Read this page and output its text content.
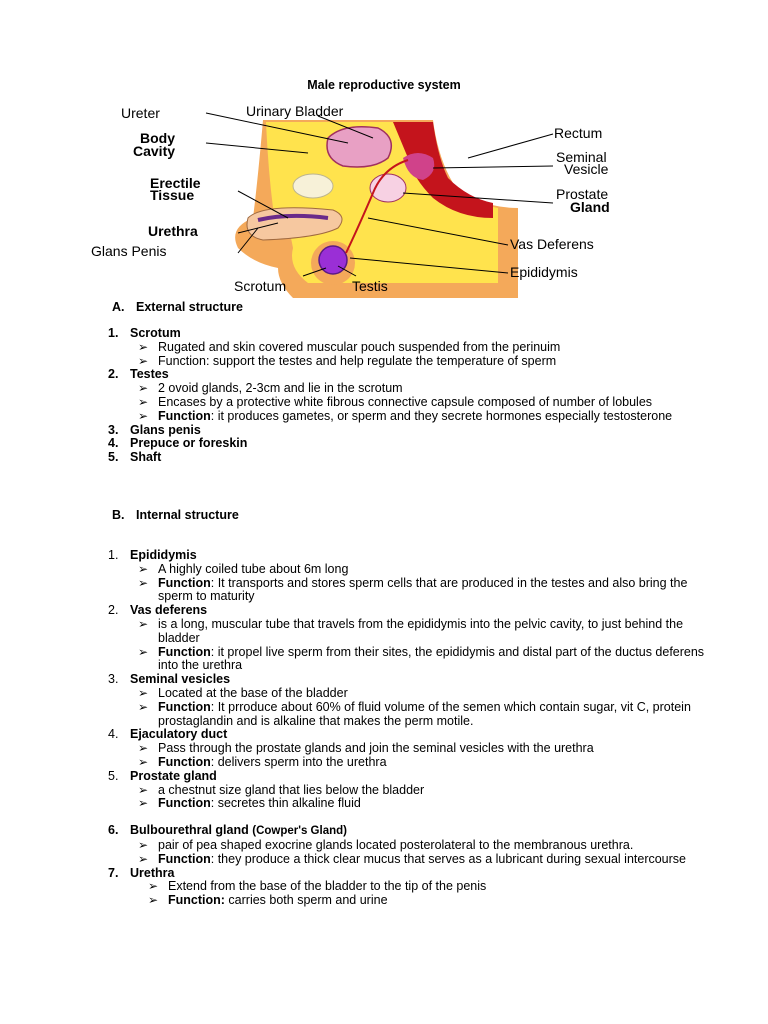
Male reproductive system
Ureter	Urinary Bladder
Body
Cavity
Erectile
Tissue
Urethra
Glans Penis
Scrotum	Testis
Rectum
Seminal
Vesicle
Prostate
Gland
Vas Deferens
Epididymis
A. External structure
1. Scrotum
➢ Rugated and skin covered muscular pouch suspended from the perinuim
➢ Function: support the testes and help regulate the temperature of sperm
2. Testes
➢ 2 ovoid glands, 2-3cm and lie in the scrotum
➢ Encases by a protective white fibrous connective capsule composed of number of lobules
➢ Function: it produces gametes, or sperm and they secrete hormones especially testosterone
3. Glans penis
4. Prepuce or foreskin
5. Shaft
B. Internal structure
1. Epididymis
➢ A highly coiled tube about 6m long
➢ Function: It transports and stores sperm cells that are produced in the testes and also bring the sperm to maturity
2. Vas deferens
➢ is a long, muscular tube that travels from the epididymis into the pelvic cavity, to just behind the bladder
➢ Function: it propel live sperm from their sites, the epididymis and distal part of the ductus deferens into the urethra
3. Seminal vesicles
➢ Located at the base of the bladder
➢ Function: It prroduce about 60% of fluid volume of the semen which contain sugar, vit C, protein prostaglandin and is alkaline that makes the perm motile.
4. Ejaculatory duct
➢ Pass through the prostate glands and join the seminal vesicles with the urethra
➢ Function: delivers sperm into the urethra
5. Prostate gland
➢ a chestnut size gland that lies below the bladder
➢ Function: secretes thin alkaline fluid
6. Bulbourethral gland (Cowper's Gland)
➢ pair of pea shaped exocrine glands located posterolateral to the membranous urethra.
➢ Function: they produce a thick clear mucus that serves as a lubricant during sexual intercourse
7. Urethra
➢ Extend from the base of the bladder to the tip of the penis
➢ Function: carries both sperm and urine
